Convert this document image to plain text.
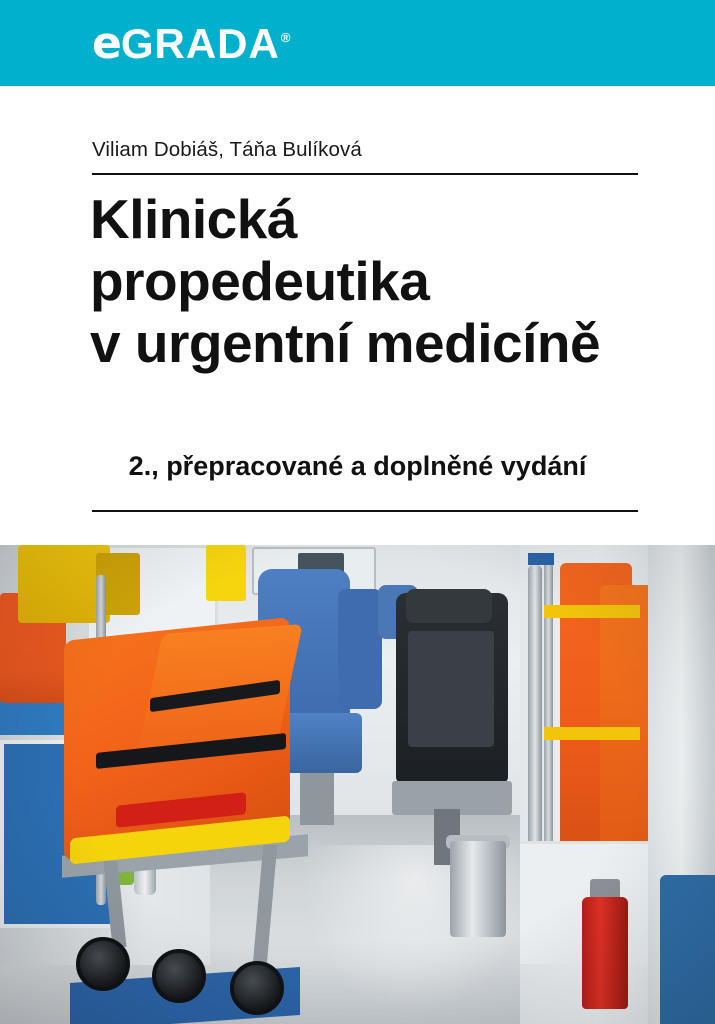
e GRADA ®
Viliam Dobiáš, Táňa Bulíková
Klinická
propedeutika
v urgentní medicíně
2., přepracované a doplněné vydání
